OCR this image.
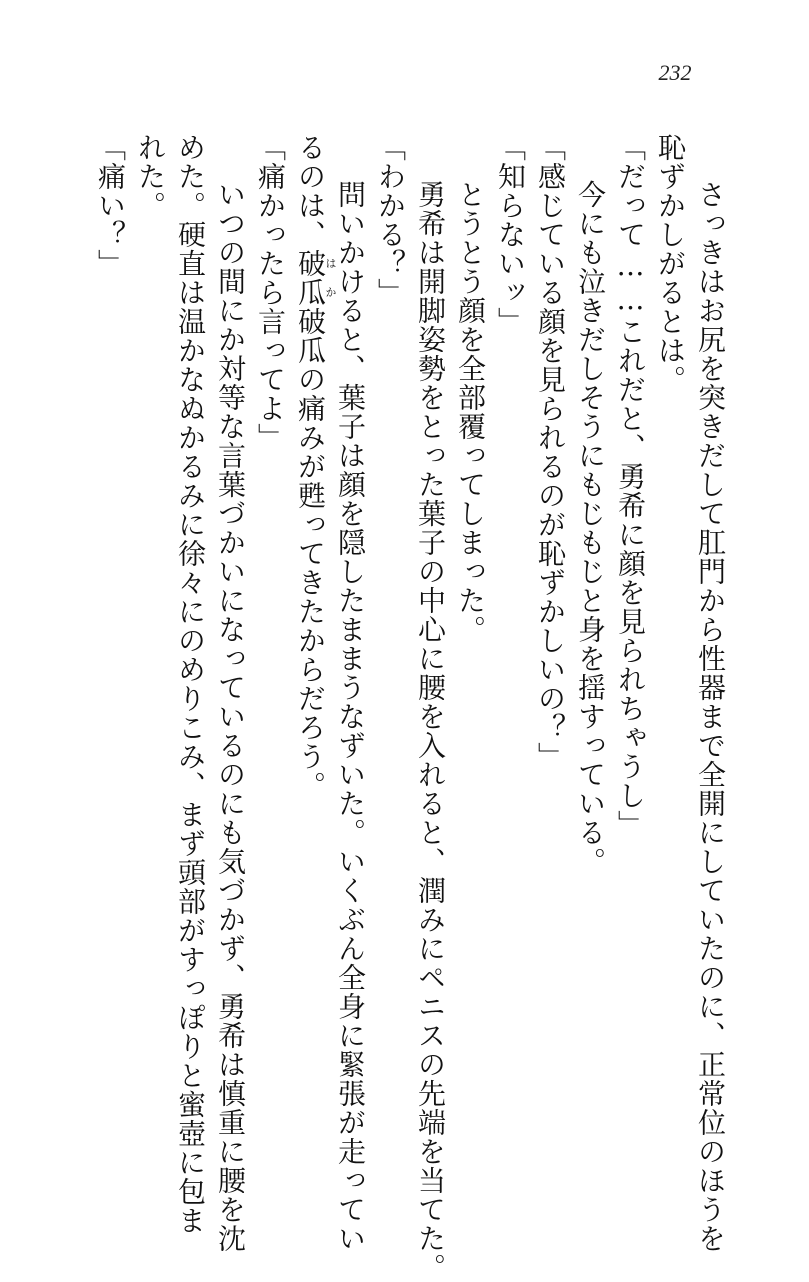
232
さっきはお尻を突きだして肛門から性器まで全開にしていたのに、正常位のほうを
恥ずかしがるとは。
「だって……これだと、勇希に顔を見られちゃうし」
今にも泣きだしそうにもじもじと身を揺すっている。
「感じている顔を見られるのが恥ずかしいの？」
「知らないッ」
とうとう顔を全部覆ってしまった。
勇希は開脚姿勢をとった葉子の中心に腰を入れると、潤みにペニスの先端を当てた。
「わかる？」
問いかけると、葉子は顔を隠したままうなずいた。いくぶん全身に緊張が走ってい
るのは、破瓜はか破瓜の痛みが甦ってきたからだろう。
「痛かったら言ってよ」
いつの間にか対等な言葉づかいになっているのにも気づかず、勇希は慎重に腰を沈
めた。硬直は温かなぬかるみに徐々にのめりこみ、まず頭部がすっぽりと蜜壺に包ま
れた。
「痛い？」
